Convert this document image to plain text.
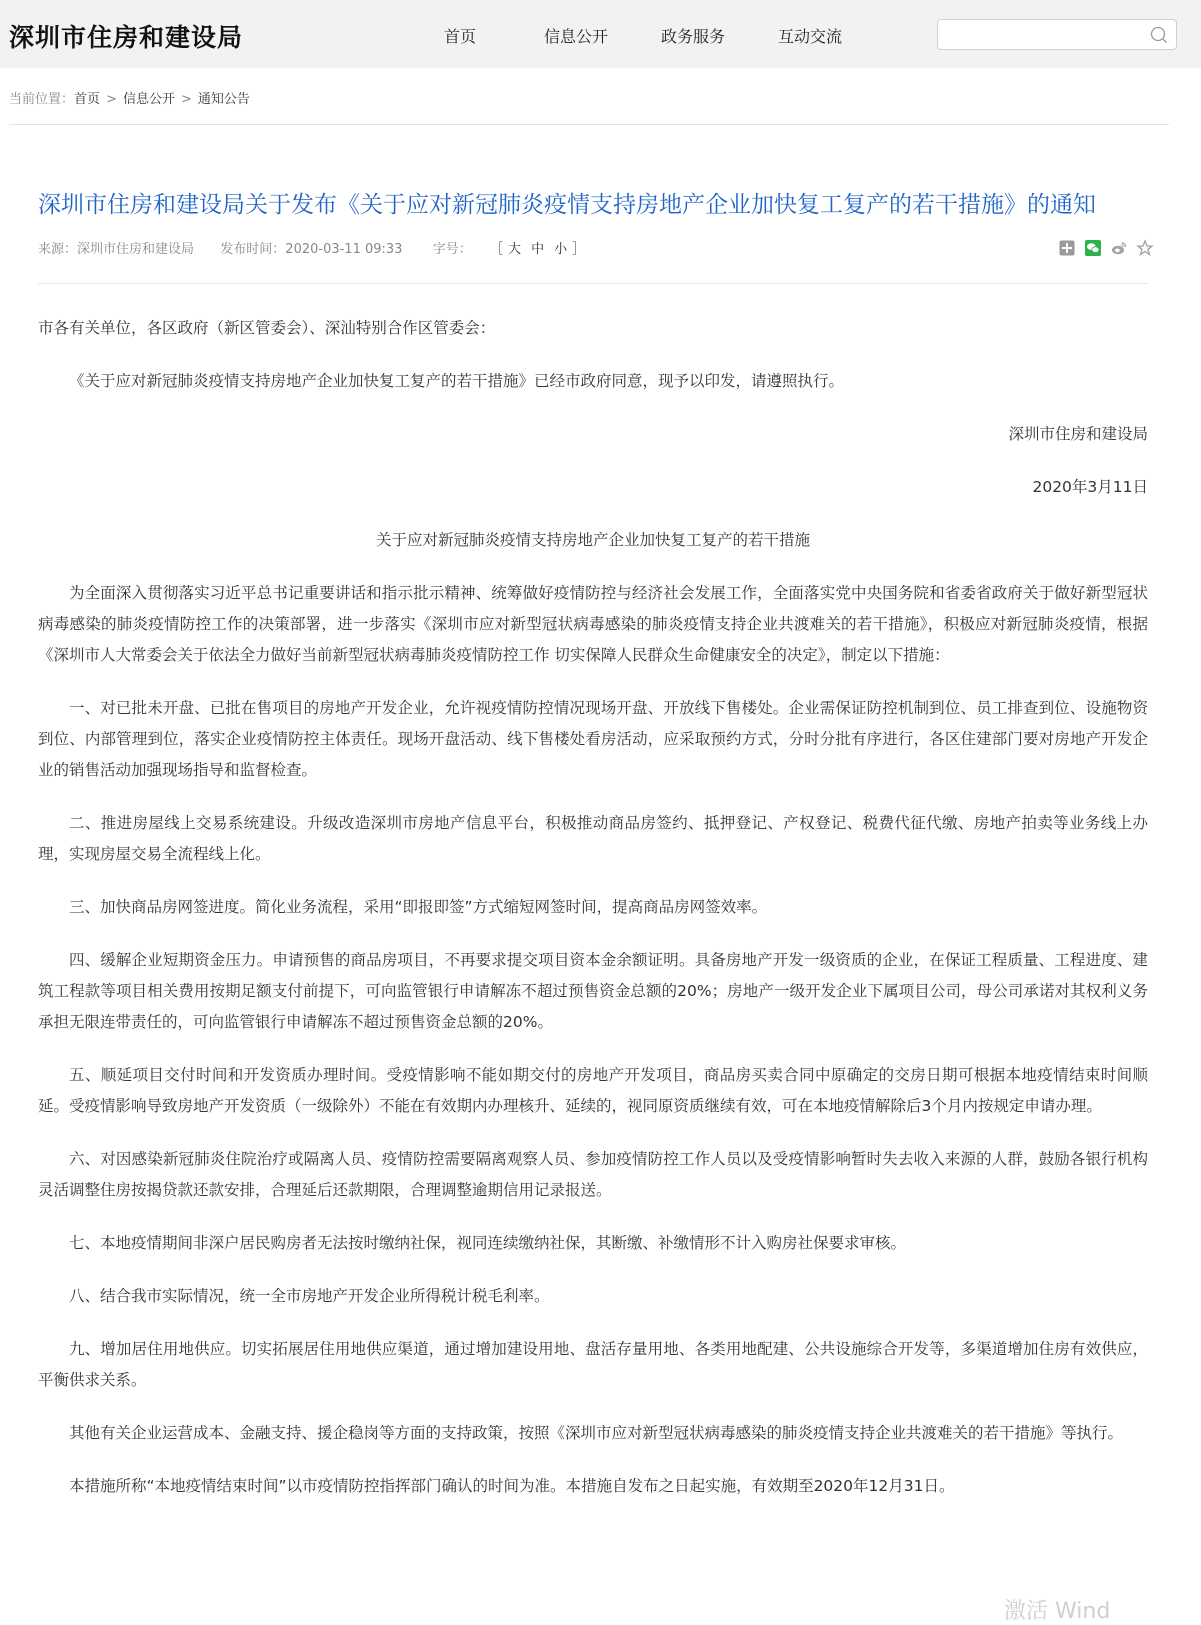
深圳市住房和建设局	首页	信息公开	政务服务	互动交流
当前位置：首页 > 信息公开 > 通知公告
深圳市住房和建设局关于发布《关于应对新冠肺炎疫情支持房地产企业加快复工复产的若干措施》的通知
来源：深圳市住房和建设局 发布时间：2020-03-11 09:33 字号： ［ 大 中 小 ］

市各有关单位，各区政府（新区管委会）、深汕特别合作区管委会：

《关于应对新冠肺炎疫情支持房地产企业加快复工复产的若干措施》已经市政府同意，现予以印发，请遵照执行。

深圳市住房和建设局

2020年3月11日

关于应对新冠肺炎疫情支持房地产企业加快复工复产的若干措施

为全面深入贯彻落实习近平总书记重要讲话和指示批示精神、统筹做好疫情防控与经济社会发展工作，全面落实党中央国务院和省委省政府关于做好新型冠状病毒感染的肺炎疫情防控工作的决策部署，进一步落实《深圳市应对新型冠状病毒感染的肺炎疫情支持企业共渡难关的若干措施》，积极应对新冠肺炎疫情，根据《深圳市人大常委会关于依法全力做好当前新型冠状病毒肺炎疫情防控工作 切实保障人民群众生命健康安全的决定》，制定以下措施：

一、对已批未开盘、已批在售项目的房地产开发企业，允许视疫情防控情况现场开盘、开放线下售楼处。企业需保证防控机制到位、员工排查到位、设施物资到位、内部管理到位，落实企业疫情防控主体责任。现场开盘活动、线下售楼处看房活动，应采取预约方式，分时分批有序进行，各区住建部门要对房地产开发企业的销售活动加强现场指导和监督检查。

二、推进房屋线上交易系统建设。升级改造深圳市房地产信息平台，积极推动商品房签约、抵押登记、产权登记、税费代征代缴、房地产拍卖等业务线上办理，实现房屋交易全流程线上化。

三、加快商品房网签进度。简化业务流程，采用“即报即签”方式缩短网签时间，提高商品房网签效率。

四、缓解企业短期资金压力。申请预售的商品房项目，不再要求提交项目资本金余额证明。具备房地产开发一级资质的企业，在保证工程质量、工程进度、建筑工程款等项目相关费用按期足额支付前提下，可向监管银行申请解冻不超过预售资金总额的20%；房地产一级开发企业下属项目公司，母公司承诺对其权利义务承担无限连带责任的，可向监管银行申请解冻不超过预售资金总额的20%。

五、顺延项目交付时间和开发资质办理时间。受疫情影响不能如期交付的房地产开发项目，商品房买卖合同中原确定的交房日期可根据本地疫情结束时间顺延。受疫情影响导致房地产开发资质（一级除外）不能在有效期内办理核升、延续的，视同原资质继续有效，可在本地疫情解除后3个月内按规定申请办理。

六、对因感染新冠肺炎住院治疗或隔离人员、疫情防控需要隔离观察人员、参加疫情防控工作人员以及受疫情影响暂时失去收入来源的人群，鼓励各银行机构灵活调整住房按揭贷款还款安排，合理延后还款期限，合理调整逾期信用记录报送。

七、本地疫情期间非深户居民购房者无法按时缴纳社保，视同连续缴纳社保，其断缴、补缴情形不计入购房社保要求审核。

八、结合我市实际情况，统一全市房地产开发企业所得税计税毛利率。

九、增加居住用地供应。切实拓展居住用地供应渠道，通过增加建设用地、盘活存量用地、各类用地配建、公共设施综合开发等，多渠道增加住房有效供应，平衡供求关系。

其他有关企业运营成本、金融支持、援企稳岗等方面的支持政策，按照《深圳市应对新型冠状病毒感染的肺炎疫情支持企业共渡难关的若干措施》等执行。

本措施所称“本地疫情结束时间”以市疫情防控指挥部门确认的时间为准。本措施自发布之日起实施，有效期至2020年12月31日。

激活 Wind
